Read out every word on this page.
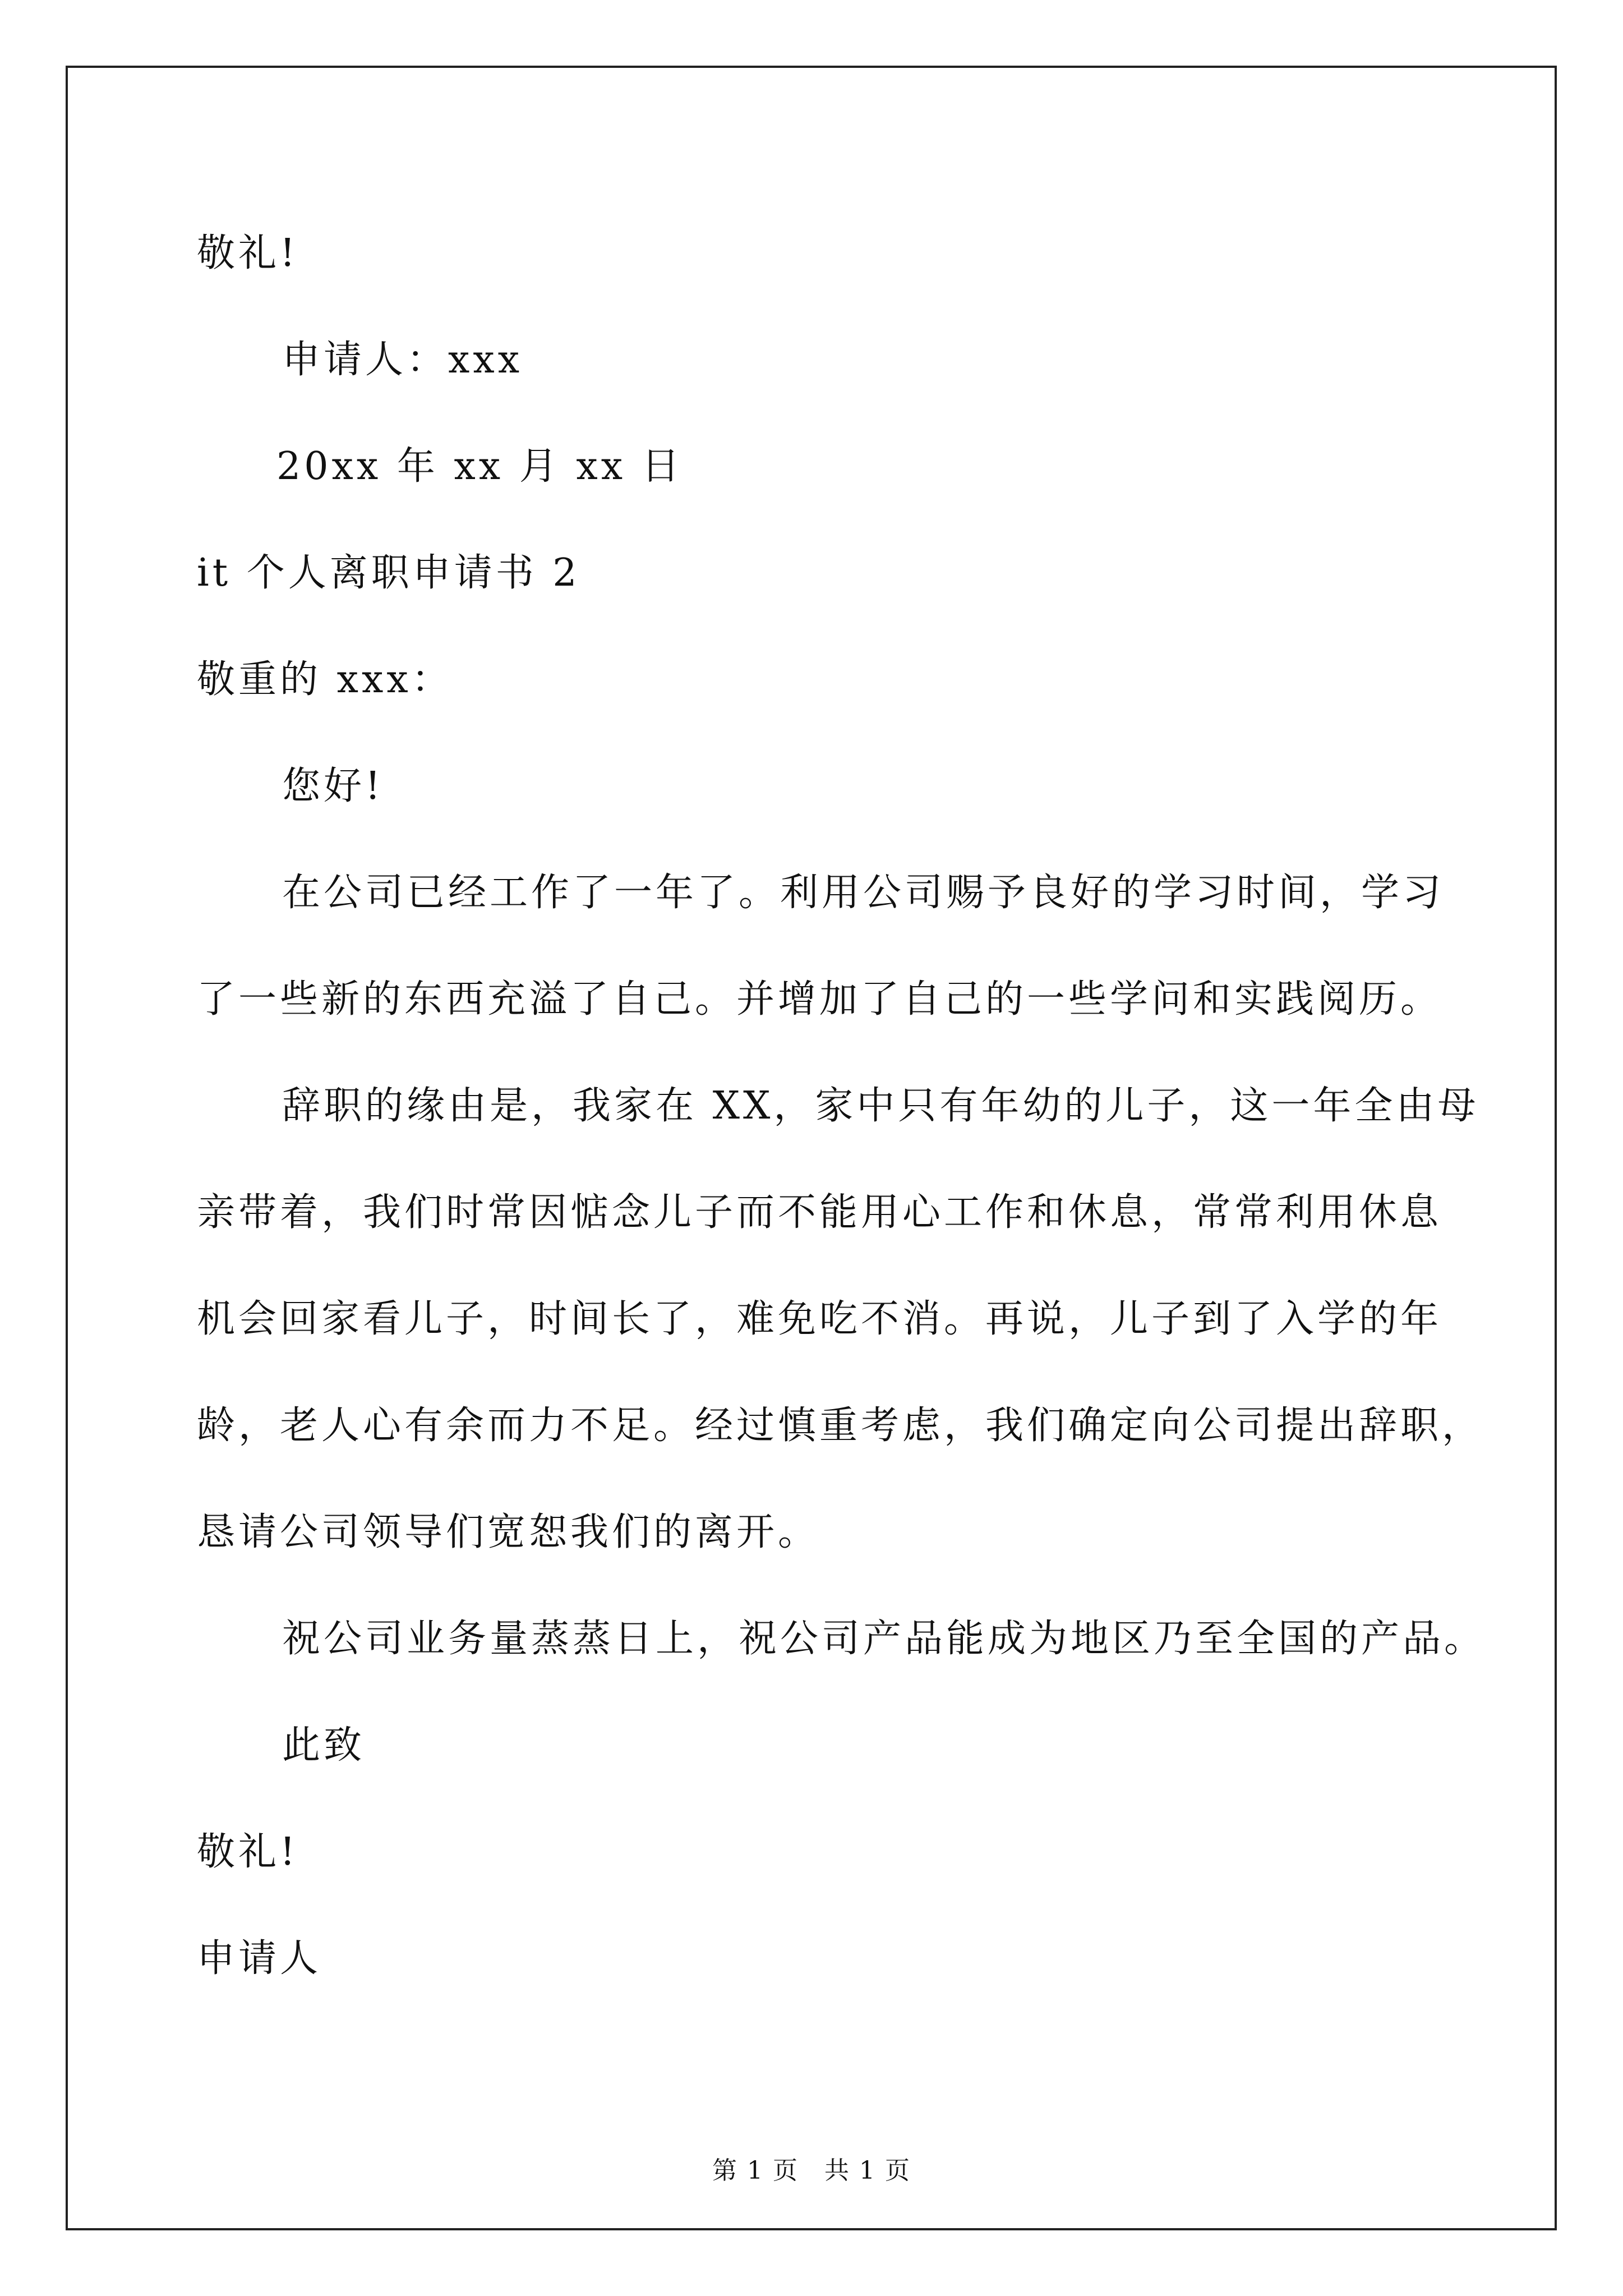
敬礼!
申请人：xxx
20xx 年 xx 月 xx 日
it 个人离职申请书 2
敬重的 xxx：
您好!
在公司已经工作了一年了。利用公司赐予良好的学习时间，学习
了一些新的东西充溢了自己。并增加了自己的一些学问和实践阅历。
辞职的缘由是，我家在 XX，家中只有年幼的儿子，这一年全由母
亲带着，我们时常因惦念儿子而不能用心工作和休息，常常利用休息
机会回家看儿子，时间长了，难免吃不消。再说，儿子到了入学的年
龄，老人心有余而力不足。经过慎重考虑，我们确定向公司提出辞职，
恳请公司领导们宽恕我们的离开。
祝公司业务量蒸蒸日上，祝公司产品能成为地区乃至全国的产品。
此致
敬礼!
申请人
第 1 页　共 1 页
